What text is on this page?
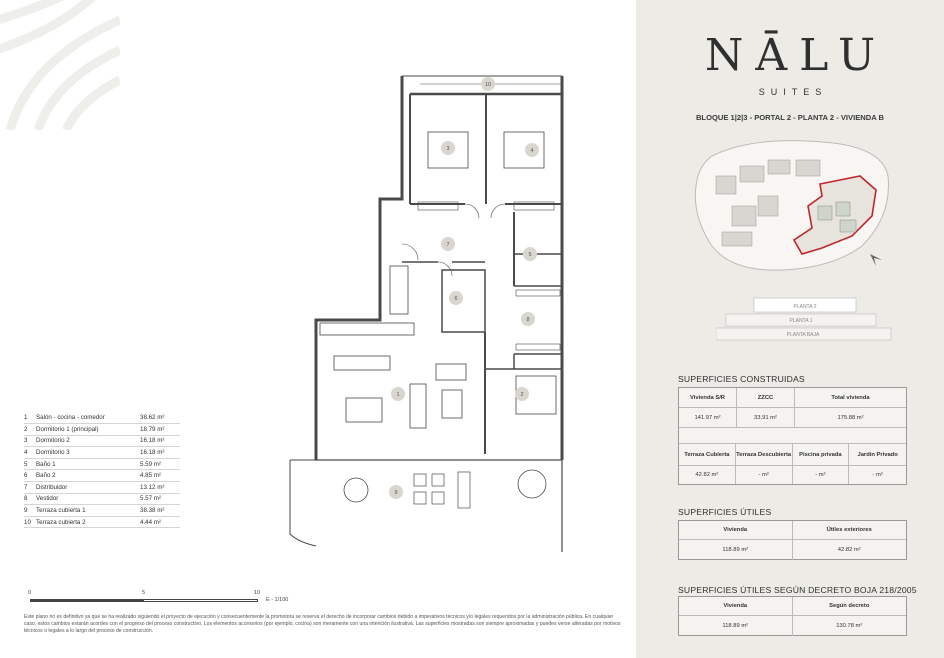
1	2
3	4
5
6
7
8
9
10
1	Salón - cocina - comedor	38.62 m²
2	Dormitorio 1 (principal)	18.79 m²
3	Dormitorio 2	16.18 m²
4	Dormitorio 3	16.18 m²
5	Baño 1	5.59 m²
6	Baño 2	4.85 m²
7	Distribuidor	13.12 m²
8	Vestidor	5.57 m²
9	Terraza cubierta 1	38.38 m²
10	Terraza cubierta 2	4.44 m²
0	5	10
E - 1/100
Este plano no es definitivo ya que se ha realizado siguiendo el proyecto de ejecución y consecuentemente la promotora se reserva el derecho de incorporar cambios debido a imperativos técnicos y/o legales requeridos por la administración pública. En cualquier caso, estos cambios estarán acordes con el progreso del proceso constructivo. Los elementos accesorios (por ejemplo, cocina) son meramente con una intención ilustrativa. Las superficies mostradas son siempre aproximadas y puedes verse alteradas por motivos técnicos o legales a lo largo del proceso de construcción.
NĀLU
SUITES
BLOQUE 1|2|3 - PORTAL 2 - PLANTA 2 - VIVIENDA B
PLANTA 2
PLANTA 1
PLANTA BAJA
SUPERFICIES CONSTRUIDAS
Vivienda S/R	ZZCC	Total vivienda
141.97 m²	33.91 m²	175.88 m²
Terraza Cubierta	Terraza Descubierta	Piscina privada	Jardín Privado
42.82 m²	- m²	- m²	- m²
SUPERFICIES ÚTILES
Vivienda	Útiles exteriores
118.89 m²	42.82 m²
SUPERFICIES ÚTILES SEGÚN DECRETO BOJA 218/2005
Vivienda	Según decreto
118.89 m²	130.78 m²
